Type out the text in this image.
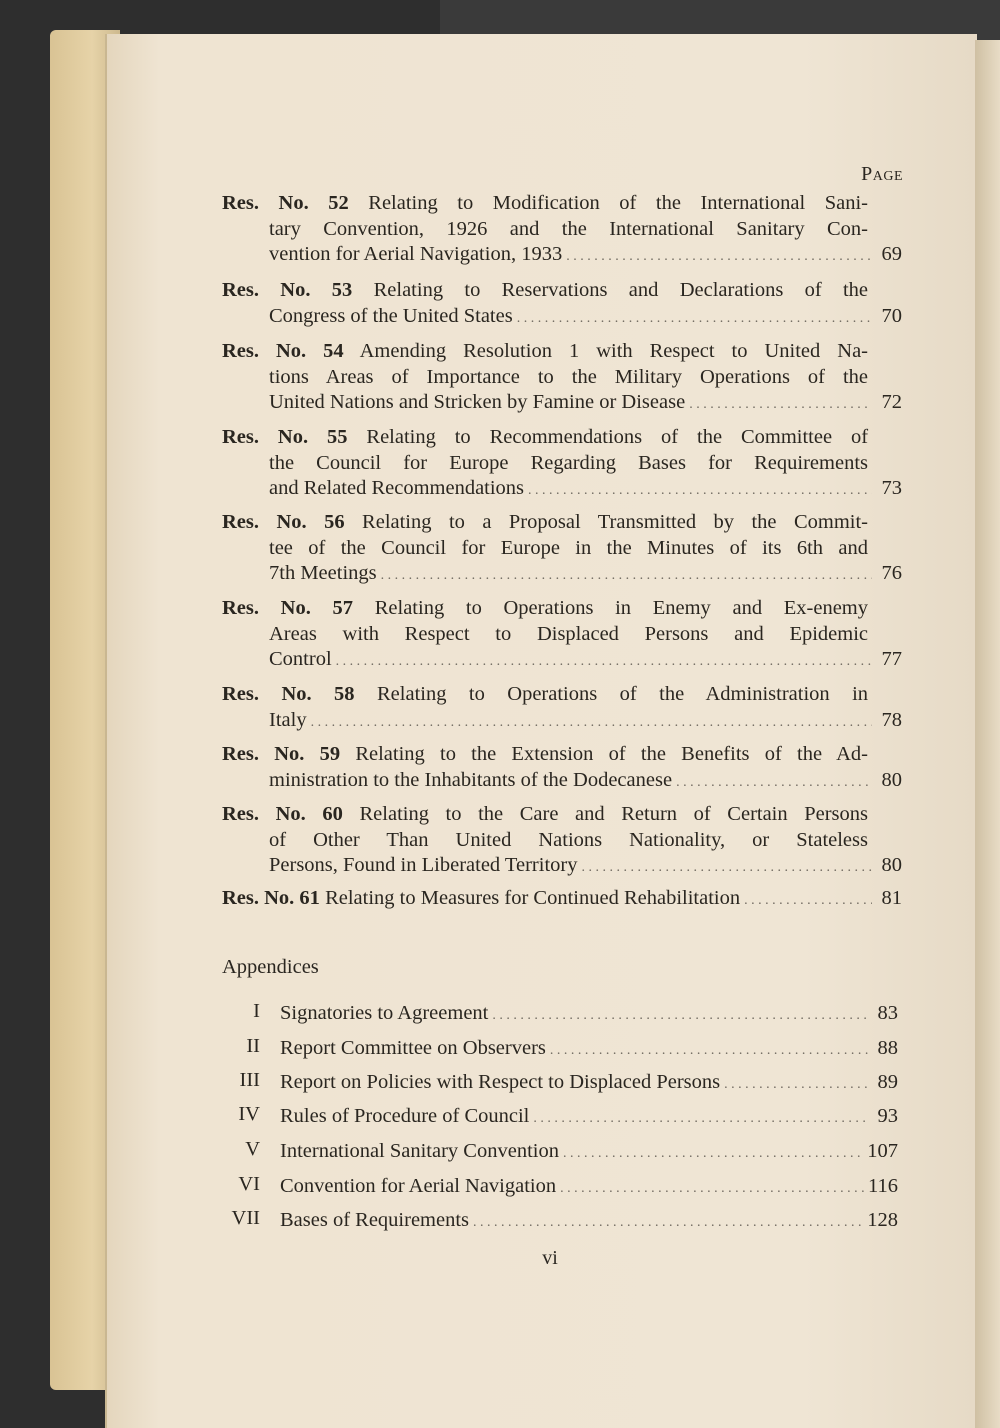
Page
Res. No. 52 Relating to Modification of the International Sani-
tary Convention, 1926 and the International Sanitary Con-
vention for Aerial Navigation, 1933 . . .	69
Res. No. 53 Relating to Reservations and Declarations of the
Congress of the United States . . .	70
Res. No. 54 Amending Resolution 1 with Respect to United Na-
tions Areas of Importance to the Military Operations of the
United Nations and Stricken by Famine or Disease . . .	72
Res. No. 55 Relating to Recommendations of the Committee of
the Council for Europe Regarding Bases for Requirements
and Related Recommendations . . .	73
Res. No. 56 Relating to a Proposal Transmitted by the Commit-
tee of the Council for Europe in the Minutes of its 6th and
7th Meetings . . .	76
Res. No. 57 Relating to Operations in Enemy and Ex-enemy
Areas with Respect to Displaced Persons and Epidemic
Control . . .	77
Res. No. 58 Relating to Operations of the Administration in
Italy . . .	78
Res. No. 59 Relating to the Extension of the Benefits of the Ad-
ministration to the Inhabitants of the Dodecanese . . .	80
Res. No. 60 Relating to the Care and Return of Certain Persons
of Other Than United Nations Nationality, or Stateless
Persons, Found in Liberated Territory . . .	80
Res. No. 61 Relating to Measures for Continued Rehabilitation . . .	81
Appendices
I Signatories to Agreement . . .	83
II Report Committee on Observers . . .	88
III Report on Policies with Respect to Displaced Persons . . .	89
IV Rules of Procedure of Council . . .	93
V International Sanitary Convention . . .	107
VI Convention for Aerial Navigation . . .	116
VII Bases of Requirements . . .	128
vi
